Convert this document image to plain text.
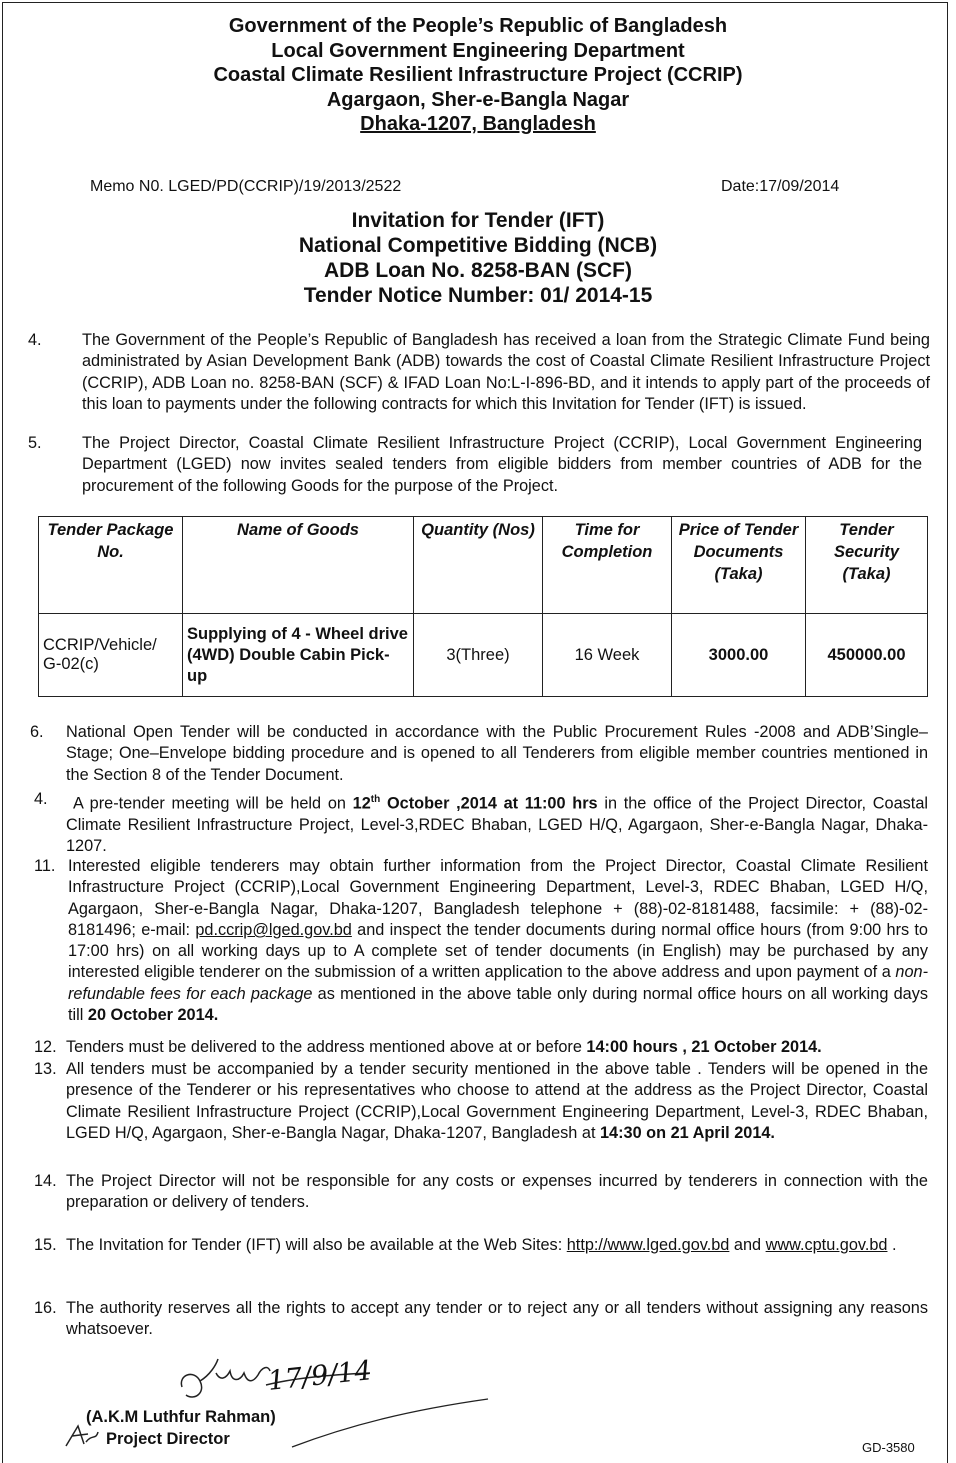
Government of the People’s Republic of Bangladesh
Local Government Engineering Department
Coastal Climate Resilient Infrastructure Project (CCRIP)
Agargaon, Sher-e-Bangla Nagar
Dhaka-1207, Bangladesh
Memo N0. LGED/PD(CCRIP)/19/2013/2522	Date:17/09/2014
Invitation for Tender (IFT)
National Competitive Bidding (NCB)
ADB Loan No. 8258-BAN (SCF)
Tender Notice Number: 01/ 2014-15
4. The Government of the People’s Republic of Bangladesh has received a loan from the Strategic Climate Fund being administrated by Asian Development Bank (ADB) towards the cost of Coastal Climate Resilient Infrastructure Project (CCRIP), ADB Loan no. 8258-BAN (SCF) & IFAD Loan No:L-I-896-BD, and it intends to apply part of the proceeds of this loan to payments under the following contracts for which this Invitation for Tender (IFT) is issued.
5. The Project Director, Coastal Climate Resilient Infrastructure Project (CCRIP), Local Government Engineering Department (LGED) now invites sealed tenders from eligible bidders from member countries of ADB for the procurement of the following Goods for the purpose of the Project.
Tender Package No.	Name of Goods	Quantity (Nos)	Time for Completion	Price of Tender Documents (Taka)	Tender Security (Taka)
CCRIP/Vehicle/ G-02(c)	Supplying of 4 - Wheel drive (4WD) Double Cabin Pick-up	3(Three)	16 Week	3000.00	450000.00
6. National Open Tender will be conducted in accordance with the Public Procurement Rules -2008 and ADB’Single–Stage; One–Envelope bidding procedure and is opened to all Tenderers from eligible member countries mentioned in the Section 8 of the Tender Document.
4.	A pre-tender meeting will be held on 12th October ,2014 at 11:00 hrs in the office of the Project Director, Coastal Climate Resilient Infrastructure Project, Level-3,RDEC Bhaban, LGED H/Q, Agargaon, Sher-e-Bangla Nagar, Dhaka-1207.
11. Interested eligible tenderers may obtain further information from the Project Director, Coastal Climate Resilient Infrastructure Project (CCRIP),Local Government Engineering Department, Level-3, RDEC Bhaban, LGED H/Q, Agargaon, Sher-e-Bangla Nagar, Dhaka-1207, Bangladesh telephone + (88)-02-8181488, facsimile: + (88)-02-8181496; e-mail: pd.ccrip@lged.gov.bd and inspect the tender documents during normal office hours (from 9:00 hrs to 17:00 hrs) on all working days up to A complete set of tender documents (in English) may be purchased by any interested eligible tenderer on the submission of a written application to the above address and upon payment of a non-refundable fees for each package as mentioned in the above table only during normal office hours on all working days till 20 October 2014.
12. Tenders must be delivered to the address mentioned above at or before 14:00 hours , 21 October 2014.
13. All tenders must be accompanied by a tender security mentioned in the above table . Tenders will be opened in the presence of the Tenderer or his representatives who choose to attend at the address as the Project Director, Coastal Climate Resilient Infrastructure Project (CCRIP),Local Government Engineering Department, Level-3, RDEC Bhaban, LGED H/Q, Agargaon, Sher-e-Bangla Nagar, Dhaka-1207, Bangladesh at 14:30 on 21 April 2014.
14. The Project Director will not be responsible for any costs or expenses incurred by tenderers in connection with the preparation or delivery of tenders.
15. The Invitation for Tender (IFT) will also be available at the Web Sites: http://www.lged.gov.bd and www.cptu.gov.bd .
16. The authority reserves all the rights to accept any tender or to reject any or all tenders without assigning any reasons whatsoever.
17/9/14
(A.K.M Luthfur Rahman)
Project Director	GD-3580
